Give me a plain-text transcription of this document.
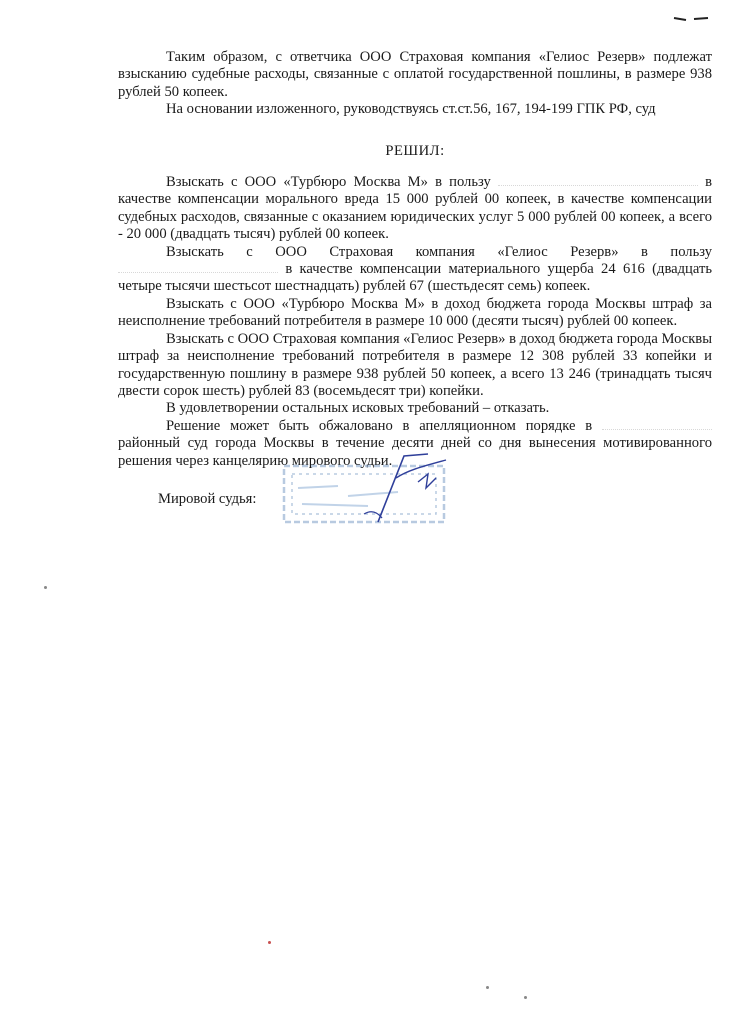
Таким образом, с ответчика ООО Страховая компания «Гелиос Резерв» подлежат взысканию судебные расходы, связанные с оплатой государственной пошлины, в размере 938 рублей 50 копеек.

На основании изложенного, руководствуясь ст.ст.56, 167, 194-199 ГПК РФ, суд

РЕШИЛ:

Взыскать с ООО «Турбюро Москва М» в пользу	в качестве компенсации морального вреда 15 000 рублей 00 копеек, в качестве компенсации судебных расходов, связанные с оказанием юридических услуг 5 000 рублей 00 копеек, а всего - 20 000 (двадцать тысяч) рублей 00 копеек.

Взыскать с ООО Страховая компания «Гелиос Резерв» в пользу  в качестве компенсации материального ущерба 24 616 (двадцать четыре тысячи шестьсот шестнадцать) рублей 67 (шестьдесят семь) копеек.

Взыскать с ООО «Турбюро Москва М» в доход бюджета города Москвы штраф за неисполнение требований потребителя в размере 10 000 (десяти тысяч) рублей 00 копеек.

Взыскать с ООО Страховая компания «Гелиос Резерв» в доход бюджета города Москвы штраф за неисполнение требований потребителя в размере 12 308 рублей 33 копейки и государственную пошлину в размере 938 рублей 50 копеек, а всего 13 246 (тринадцать тысяч двести сорок шесть) рублей 83 (восемьдесят три) копейки.

В удовлетворении остальных исковых требований – отказать.

Решение может быть обжаловано в апелляционном порядке в  районный суд города Москвы в течение десяти дней со дня вынесения мотивированного решения через канцелярию мирового судьи.

Мировой судья:
